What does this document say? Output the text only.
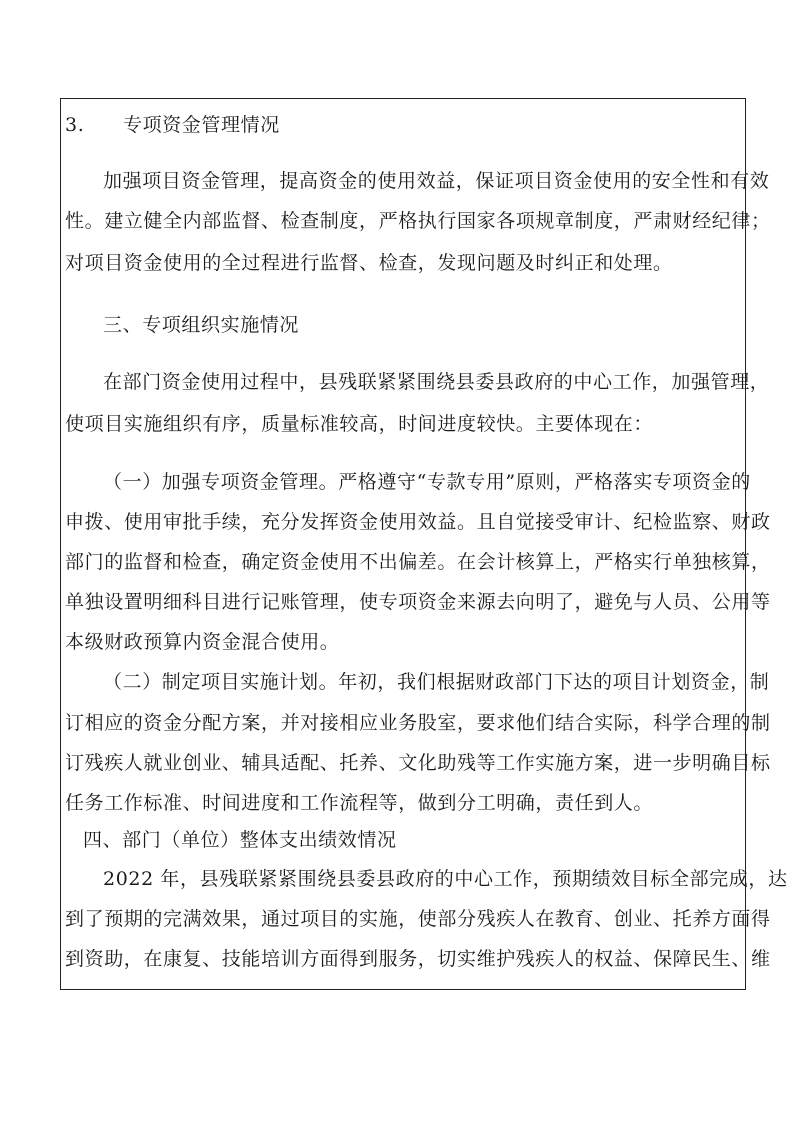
3. 专项资金管理情况
加强项目资金管理，提高资金的使用效益，保证项目资金使用的安全性和有效
性。建立健全内部监督、检查制度，严格执行国家各项规章制度，严肃财经纪律；
对项目资金使用的全过程进行监督、检查，发现问题及时纠正和处理。
三、专项组织实施情况
在部门资金使用过程中，县残联紧紧围绕县委县政府的中心工作，加强管理，
使项目实施组织有序，质量标准较高，时间进度较快。主要体现在：
（一）加强专项资金管理。严格遵守“专款专用”原则，严格落实专项资金的
申拨、使用审批手续，充分发挥资金使用效益。且自觉接受审计、纪检监察、财政
部门的监督和检查，确定资金使用不出偏差。在会计核算上，严格实行单独核算，
单独设置明细科目进行记账管理，使专项资金来源去向明了，避免与人员、公用等
本级财政预算内资金混合使用。
（二）制定项目实施计划。年初，我们根据财政部门下达的项目计划资金，制
订相应的资金分配方案，并对接相应业务股室，要求他们结合实际，科学合理的制
订残疾人就业创业、辅具适配、托养、文化助残等工作实施方案，进一步明确目标
任务工作标准、时间进度和工作流程等，做到分工明确，责任到人。
四、部门（单位）整体支出绩效情况
2022 年，县残联紧紧围绕县委县政府的中心工作，预期绩效目标全部完成，达
到了预期的完满效果，通过项目的实施，使部分残疾人在教育、创业、托养方面得
到资助，在康复、技能培训方面得到服务，切实维护残疾人的权益、保障民生、维
